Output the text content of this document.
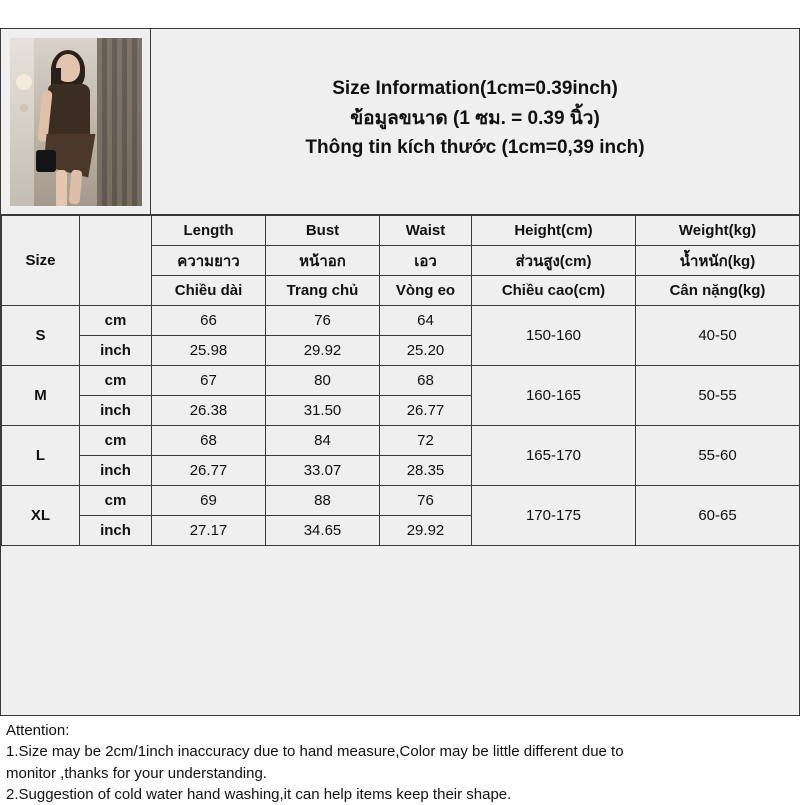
Size Information(1cm=0.39inch)
ข้อมูลขนาด (1 ซม. = 0.39 นิ้ว)
Thông tin kích thước (1cm=0,39 inch)
Size		Length	Bust	Waist	Height(cm)	Weight(kg)
		ความยาว	หน้าอก	เอว	ส่วนสูง(cm)	น้ำหนัก(kg)
		Chiều dài	Trang chủ	Vòng eo	Chiều cao(cm)	Cân nặng(kg)
S	cm	66	76	64	150-160	40-50
	inch	25.98	29.92	25.20		
M	cm	67	80	68	160-165	50-55
	inch	26.38	31.50	26.77		
L	cm	68	84	72	165-170	55-60
	inch	26.77	33.07	28.35		
XL	cm	69	88	76	170-175	60-65
	inch	27.17	34.65	29.92		
Attention:
1.Size may be 2cm/1inch inaccuracy due to hand measure,Color may be little different due to
monitor ,thanks for your understanding.
2.Suggestion of cold water hand washing,it can help items keep their shape.
